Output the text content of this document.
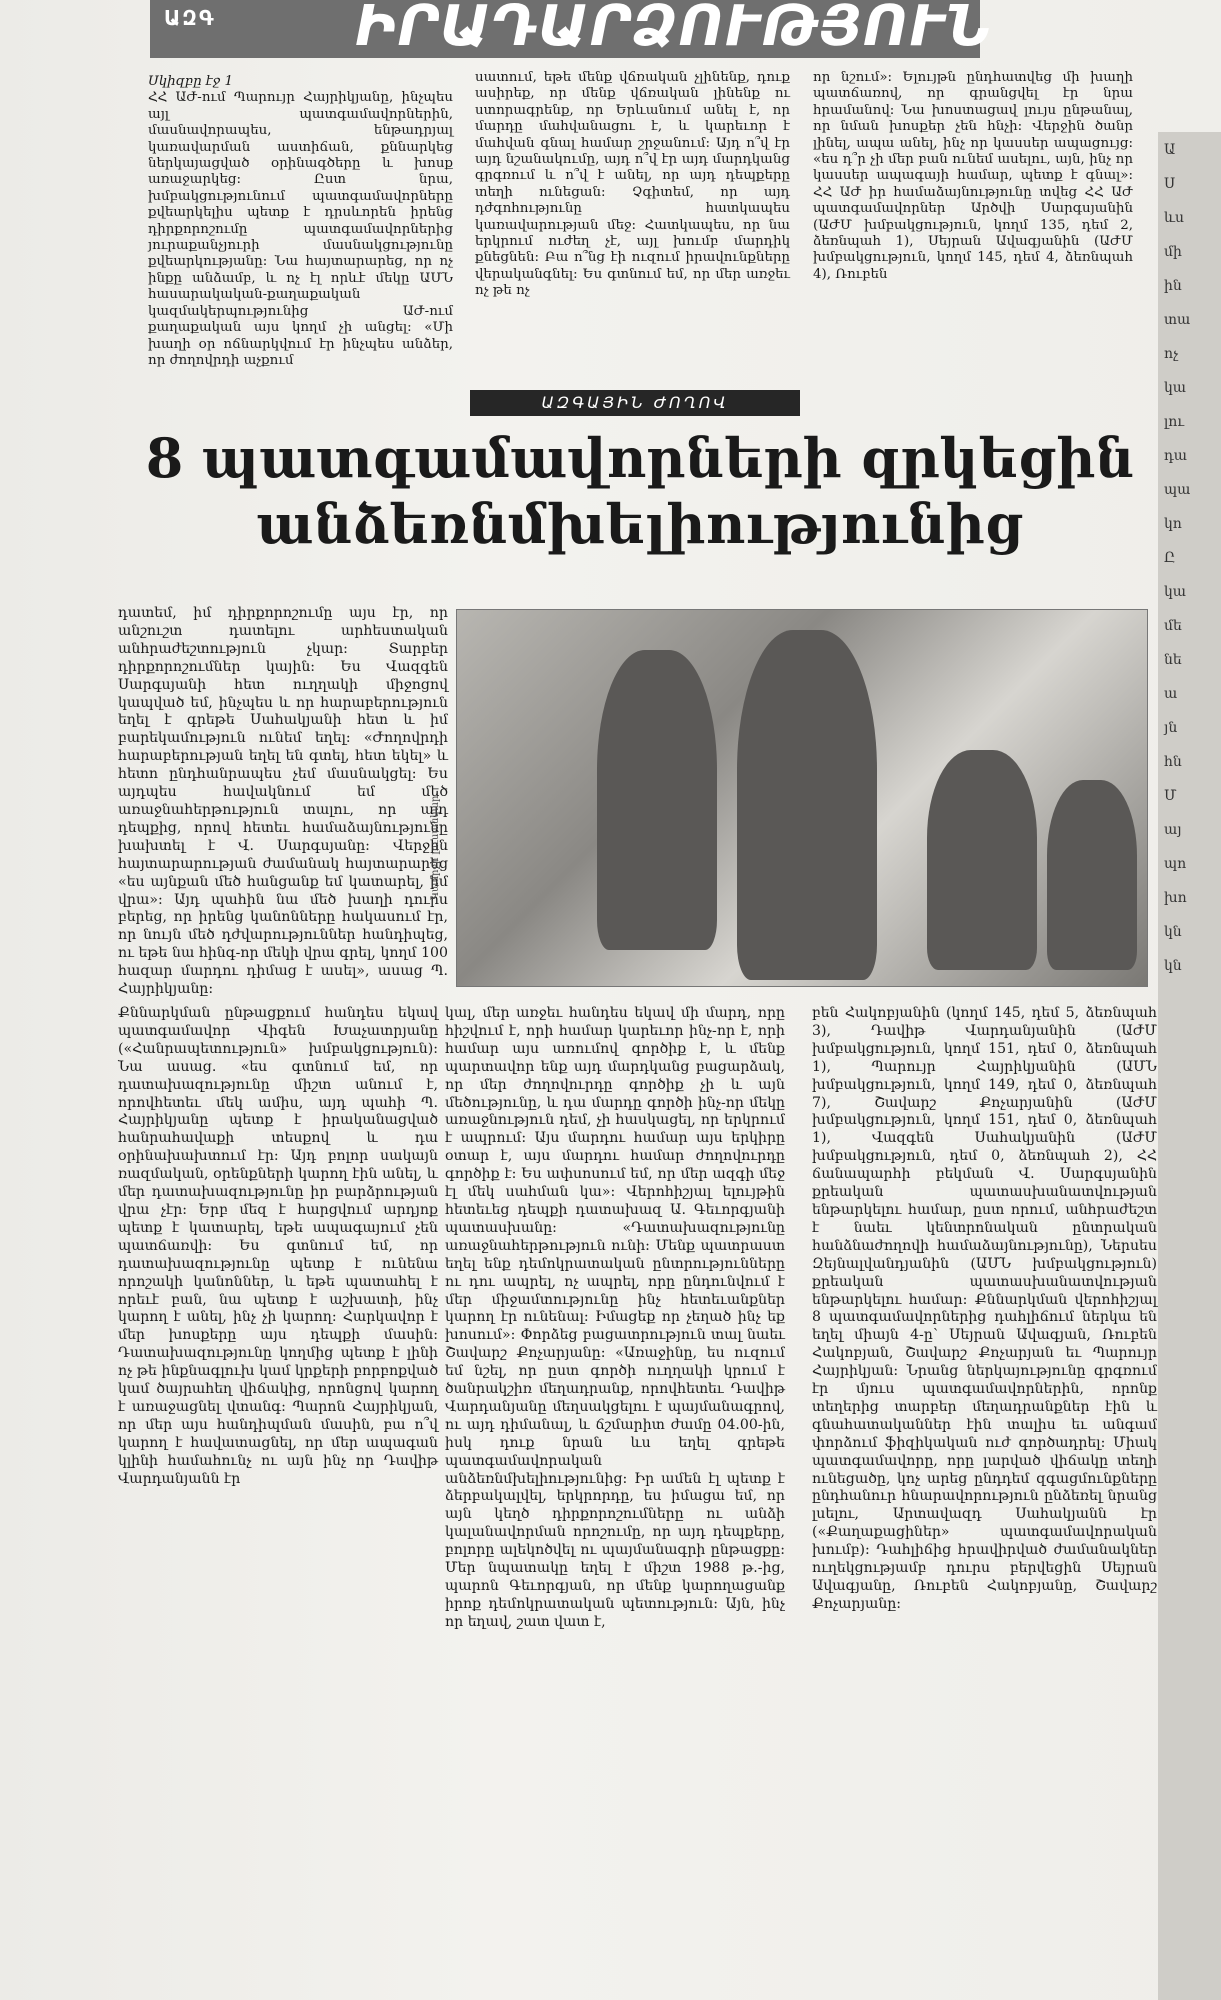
ԱԶԳ ԻՐԱԴԱՐՁՈՒԹՅՈՒՆ

Սկիզբը էջ 1

ՀՀ ԱԺ-ում Պարույր Հայրիկյանը, ինչպես այլ պատգամավորներին, մասնավորապես, ենթադրյալ կառավարման աստիճան, քննարկեց ներկայացված օրինագծերը և խոսք առաջարկեց։ Ըստ նրա, խմբակցությունում պատգամավորները քվեարկելիս պետք է դրսևորեն իրենց դիրքորոշումը պատգամավորներից յուրաքանչյուրի մասնակցությունը քվեարկությանը։ Նա հայտարարեց, որ ոչ ինքը անձամբ, և ոչ էլ որևէ մեկը ԱՄՆ հասարակական-քաղաքական կազմակերպությունից ԱԺ-ում քաղաքական այս կողմ չի անցել։ «Մի խաղի օր ոճնարկվում էր ինչպես անձեր, որ ժողովրդի աչքում

սատում, եթե մենք վճռական չլինենք, դուք ասիրեք, որ մենք վճռական լինենք ու ստորագրենք, որ Երևանում անել է, որ մարդը մահվանացու է, և կարեւոր է մահվան գնալ համար շրջանում։ Այդ ո՞վ էր այդ նշանակումը, այդ ո՞վ էր այդ մարդկանց գրգռում և ո՞վ է անել, որ այդ դեպքերը տեղի ունեցան։ Չգիտեմ, որ այդ դժգոհությունը հատկապես կառավարության մեջ։ Հատկապես, որ նա երկրում ուժեղ չէ, այլ խումբ մարդիկ քնեցնեն։ Բա ո՞նց էի ուզում իրավունքները վերականգնել։ Ես գտնում եմ, որ մեր առջեւ ոչ թե ոչ

որ նշում»։ Ելույթն ընդհատվեց մի խաղի պատճառով, որ գրանցվել էր նրա հրամանով։ Նա խոստացավ լույս ընթանալ, որ նման խոսքեր չեն հնչի։ Վերջին ծանր լինել, ապա անել, ինչ որ կասսեր ապացույց։ «ես դ՞ր չի մեր բան ունեմ ասելու, այն, ինչ որ կասսեր ապագայի համար, պետք է գնալ»։ ՀՀ ԱԺ իր համաձայնությունը տվեց ՀՀ ԱԺ պատգամավորներ Արծվի Սարգսյանին (ԱԺՄ խմբակցություն, կողմ 135, դեմ 2, ձեռնպահ 1), Սեյրան Ավագյանին (ԱԺՄ խմբակցություն, կողմ 145, դեմ 4, ձեռնպահ 4), Ռուբեն

ԱԶԳԱՅԻՆ ԺՈՂՈՎ
8 պատգամավորների զրկեցին անձեռնմխելիությունից

դատեմ, իմ դիրքորոշումը այս էր, որ անշուշտ դատելու արհեստական անհրաժեշտություն չկար։ Տարբեր դիրքորոշումներ կային։ Ես Վազգեն Սարգսյանի հետ ուղղակի միջոցով կապված եմ, ինչպես և որ հարաբերություն եղել է գրեթե Սահակյանի հետ և իմ բարեկամություն ունեմ եղել։ «Ժողովրդի հարաբերության եղել են գտել, հետ եկել» և հետո ընդհանրապես չեմ մասնակցել։ Ես այդպես հավակնում եմ մեծ առաջնահերթություն տալու, որ այդ դեպքից, որով հետեւ համաձայնությունը խախտել է Վ. Սարգսյանը։ Վերջին հայտարարության ժամանակ հայտարարեց «ես այնքան մեծ հանցանք եմ կատարել, իմ վրա»։ Այդ պահին նա մեծ խաղի դուրս բերեց, որ իրենց կանոնները հակասում էր, որ նույն մեծ դժվարություններ հանդիպեց, ու եթե նա հինգ-որ մեկի վրա գրել, կողմ 100 հազար մարդու դիմաց է ասել», ասաց Պ. Հայրիկյանը։

Կամրջի լուսանկար

կալ, մեր առջեւ հանդես եկավ մի մարդ, որը հիշվում է, որի համար կարեւոր ինչ-որ է, որի համար այս առումով գործիք է, և մենք պարտավոր ենք այդ մարդկանց բացարձակ, որ մեր ժողովուրդը գործիք չի և այն մեծությունը, և դա մարդը գործի ինչ-որ մեկը առաջնություն դեմ, չի հասկացել, որ երկրում է ապրում։ Այս մարդու համար այս երկիրը օտար է, այս մարդու համար ժողովուրդը գործիք է։ Ես ափսոսում եմ, որ մեր ազգի մեջ էլ մեկ սահման կա»։ Վերոհիշյալ ելույթին հետեւեց դեպքի դատախազ Ա. Գեւորգյանի պատասխանը։ «Դատախազությունը առաջնահերթություն ունի։ Մենք պատրաստ եղել ենք դեմոկրատական ընտրությունները ու դու ապրել, ոչ ապրել, որը ընդունվում է մեր միջամտությունը ինչ հետեւանքներ կարող էր ունենալ։ Իմացեք որ չեղած ինչ եք խոսում»։ Փորձեց բացատրություն տալ նաեւ Շավարշ Քոչարյանը։ «Առաջինը, ես ուզում եմ նշել, որ ըստ գործի ուղղակի կրում է ծանրակշիռ մեղադրանք, որովհետեւ Դավիթ Վարդանյանը մեղսակցելու է պայմանագրով, ու այդ դիմանալ, և ճշմարիտ ժամը 04.00-ին, իսկ դուք նրան ևս եղել գրեթե պատգամավորական անձեռնմխելիությունից։ Իր ամեն էլ պետք է ձերբակալվել, երկրորդը, ես իմացա եմ, որ այն կեղծ դիրքորոշումները ու անձի կալանավորման որոշումը, որ այդ դեպքերը, բոլորը ալեկոծվել ու պայմանագրի ընթացքը։ Մեր նպատակը եղել է միշտ 1988 թ.-ից, պարոն Գեւորգյան, որ մենք կարողացանք իրոք դեմոկրատական պետություն։ Այն, ինչ որ եղավ, շատ վատ է,

բեն Հակոբյանին (կողմ 145, դեմ 5, ձեռնպահ 3), Դավիթ Վարդանյանին (ԱԺՄ խմբակցություն, կողմ 151, դեմ 0, ձեռնպահ 1), Պարույր Հայրիկյանին (ԱՄՆ խմբակցություն, կողմ 149, դեմ 0, ձեռնպահ 7), Շավարշ Քոչարյանին (ԱԺՄ խմբակցություն, կողմ 151, դեմ 0, ձեռնպահ 1), Վազգեն Սահակյանին (ԱԺՄ խմբակցություն, դեմ 0, ձեռնպահ 2), ՀՀ ճանապարհի բեկման Վ. Սարգսյանին քրեական պատասխանատվության ենթարկելու համար, ըստ որում, անհրաժեշտ է նաեւ կենտրոնական ընտրական հանձնաժողովի համաձայնությունը), Ներսես Զեյնալվանդյանին (ԱՄՆ խմբակցություն) քրեական պատասխանատվության ենթարկելու համար։ Քննարկման վերոհիշյալ 8 պատգամավորներից դահլիճում ներկա են եղել միայն 4-ը՝ Սեյրան Ավագյան, Ռուբեն Հակոբյան, Շավարշ Քոչարյան եւ Պարույր Հայրիկյան։ Նրանց ներկայությունը գրգռում էր մյուս պատգամավորներին, որոնք տեղերից տարբեր մեղադրանքներ էին և գնահատականներ էին տալիս եւ անգամ փորձում ֆիզիկական ուժ գործադրել։ Միակ պատգամավորը, որը լարված վիճակը տեղի ունեցածը, կոչ արեց ընդդեմ զգացմունքները ընդհանուր հնարավորություն ընձեռել նրանց լսելու, Արտավազդ Սահակյանն էր («Քաղաքացիներ» պատգամավորական խումբ)։ Դահլիճից հրավիրված ժամանակներ ուղեկցությամբ դուրս բերվեցին Սեյրան Ավագյանը, Ռուբեն Հակոբյանը, Շավարշ Քոչարյանը։

Քննարկման ընթացքում հանդես եկավ պատգամավոր Վիգեն Խաչատրյանը («Հանրապետություն» խմբակցություն)։ Նա ասաց. «ես գտնում եմ, որ դատախազությունը միշտ անում է, որովհետեւ մեկ ամիս, այդ պահի Պ. Հայրիկյանը պետք է իրականացված հանրահավաքի տեսքով և դա օրինախախտում էր։ Այդ բոլոր սակայն ռազմական, օրենքների կարող էին անել, և մեր դատախազությունը իր բարձրության վրա չէր։ Երբ մեզ է հարցվում արդյոք պետք է կատարել, եթե ապագայում չեն պատճառվի։ Ես գտնում եմ, որ դատախազությունը պետք է ունենա որոշակի կանոններ, և եթե պատահել է որեւէ բան, նա պետք է աշխատի, ինչ կարող է անել, ինչ չի կարող։ Հարկավոր է մեր խոսքերը այս դեպքի մասին։ Դատախազությունը կողմից պետք է լինի ոչ թե ինքնագլուխ կամ կրքերի բորբոքված կամ ծայրահեղ վիճակից, որոնցով կարող է առաջացնել վտանգ։ Պարոն Հայրիկյան, որ մեր այս հանդիպման մասին, բա ո՞վ կարող է հավատացնել, որ մեր ապագան կլինի համահունչ ու այն ինչ որ Դավիթ Վարդանյանն էր

Ա
Ս
ևս
մի
ին
տա
ոչ
կա
լու
դա
պա
կո
Ը
կա
մե
նե
ա
յն
հն
Մ
այ
պո
խո
կն
կն
